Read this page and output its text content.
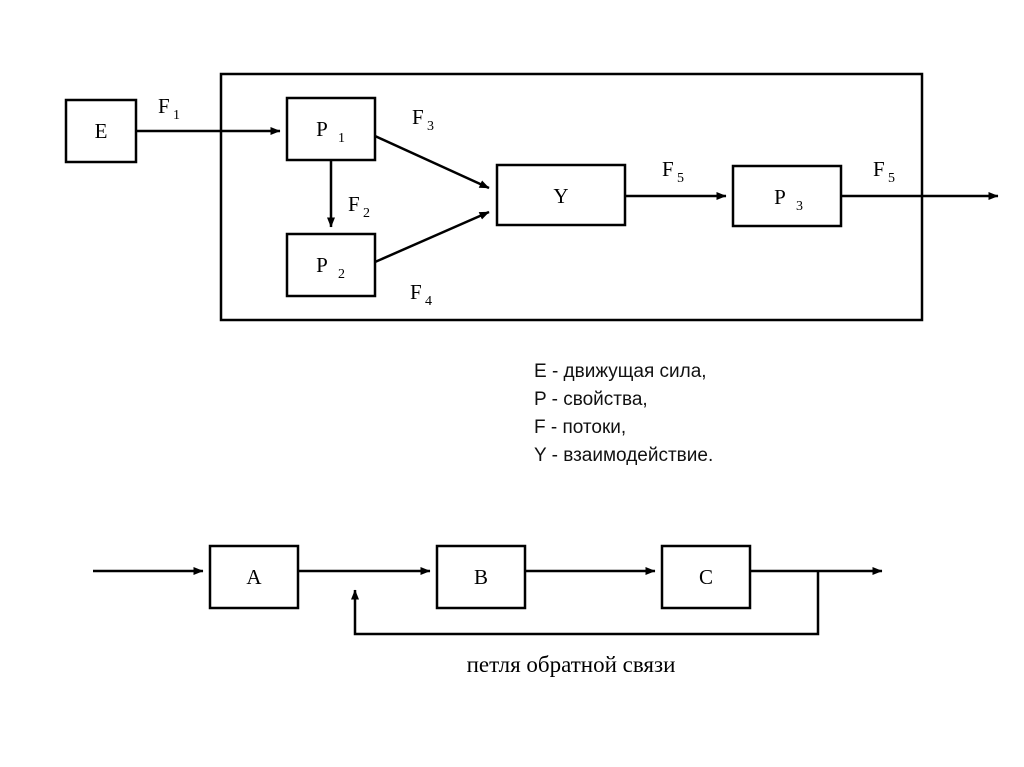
E	P 1
P 2
Y	P 3
F 1
F 2
F 3
F 4
F 5	F 5
A	B	C
петля обратной связи
E - движущая сила,
P - свойства,
F - потоки,
Y - взаимодействие.
